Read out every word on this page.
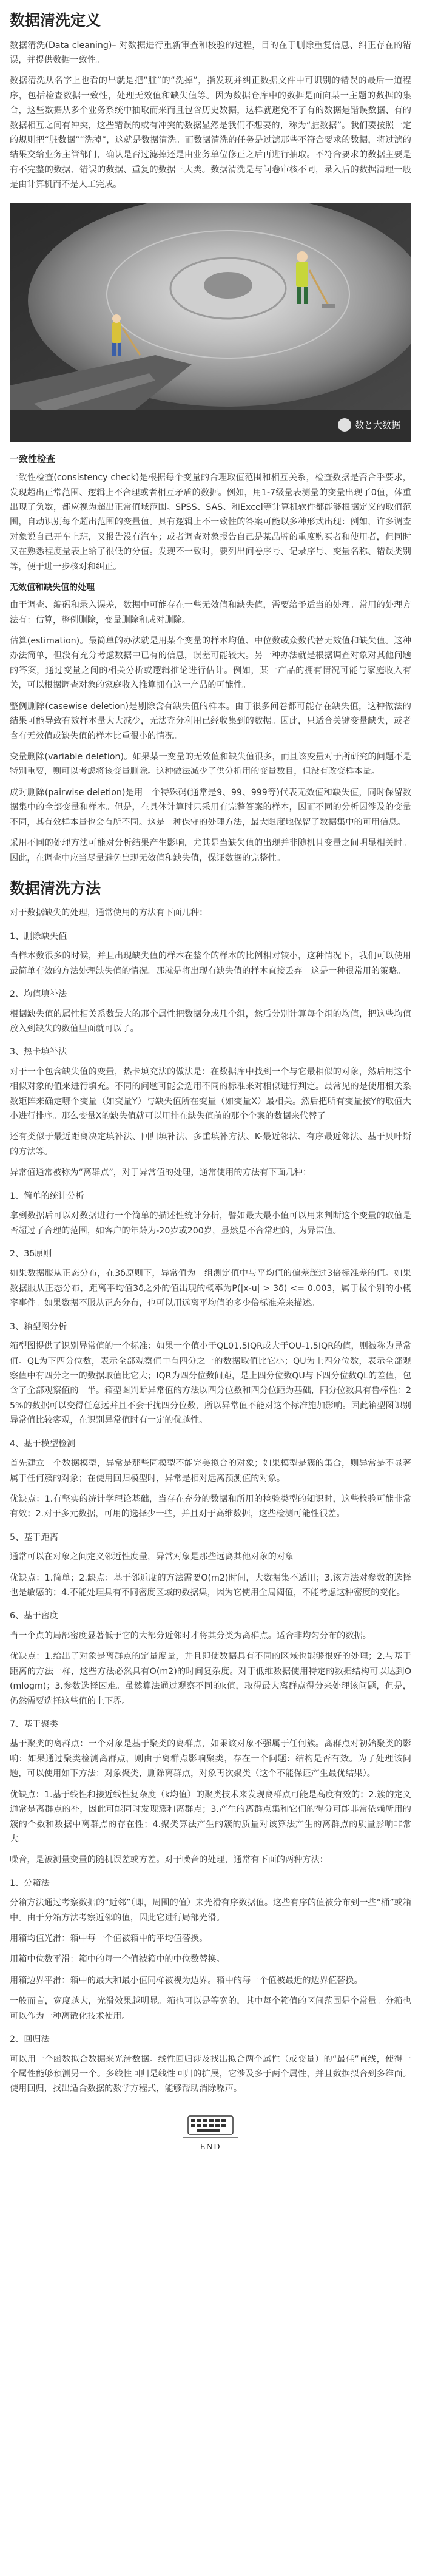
数据清洗定义

数据清洗(Data cleaning)– 对数据进行重新审查和校验的过程，目的在于删除重复信息、纠正存在的错误，并提供数据一致性。

数据清洗从名字上也看的出就是把“脏”的“洗掉”，指发现并纠正数据文件中可识别的错误的最后一道程序，包括检查数据一致性，处理无效值和缺失值等。因为数据仓库中的数据是面向某一主题的数据的集合，这些数据从多个业务系统中抽取而来而且包含历史数据，这样就避免不了有的数据是错误数据、有的数据相互之间有冲突，这些错误的或有冲突的数据显然是我们不想要的，称为“脏数据”。我们要按照一定的规则把“脏数据”“洗掉”，这就是数据清洗。而数据清洗的任务是过滤那些不符合要求的数据，将过滤的结果交给业务主管部门，确认是否过滤掉还是由业务单位修正之后再进行抽取。不符合要求的数据主要是有不完整的数据、错误的数据、重复的数据三大类。数据清洗是与问卷审核不同，录入后的数据清理一般是由计算机而不是人工完成。

数と大数据
一致性检查

一致性检查(consistency check)是根据每个变量的合理取值范围和相互关系，检查数据是否合乎要求，发现超出正常范围、逻辑上不合理或者相互矛盾的数据。例如，用1-7级量表测量的变量出现了0值，体重出现了负数，都应视为超出正常值域范围。SPSS、SAS、和Excel等计算机软件都能够根据定义的取值范围，自动识别每个超出范围的变量值。具有逻辑上不一致性的答案可能以多种形式出现：例如，许多调查对象说自己开车上班，又报告没有汽车；或者调查对象报告自己是某品牌的重度购买者和使用者，但同时又在熟悉程度量表上给了很低的分值。发现不一致时，要列出问卷序号、记录序号、变量名称、错误类别等，便于进一步核对和纠正。

无效值和缺失值的处理

由于调查、编码和录入误差，数据中可能存在一些无效值和缺失值，需要给予适当的处理。常用的处理方法有：估算，整例删除，变量删除和成对删除。

估算(estimation)。最简单的办法就是用某个变量的样本均值、中位数或众数代替无效值和缺失值。这种办法简单，但没有充分考虑数据中已有的信息，误差可能较大。另一种办法就是根据调查对象对其他问题的答案，通过变量之间的相关分析或逻辑推论进行估计。例如，某一产品的拥有情况可能与家庭收入有关，可以根据调查对象的家庭收入推算拥有这一产品的可能性。

整例删除(casewise deletion)是剔除含有缺失值的样本。由于很多问卷都可能存在缺失值，这种做法的结果可能导致有效样本量大大减少，无法充分利用已经收集到的数据。因此，只适合关键变量缺失，或者含有无效值或缺失值的样本比重很小的情况。

变量删除(variable deletion)。如果某一变量的无效值和缺失值很多，而且该变量对于所研究的问题不是特别重要，则可以考虑将该变量删除。这种做法减少了供分析用的变量数目，但没有改变样本量。

成对删除(pairwise deletion)是用一个特殊码(通常是9、99、999等)代表无效值和缺失值，同时保留数据集中的全部变量和样本。但是，在具体计算时只采用有完整答案的样本，因而不同的分析因涉及的变量不同，其有效样本量也会有所不同。这是一种保守的处理方法，最大限度地保留了数据集中的可用信息。

采用不同的处理方法可能对分析结果产生影响，尤其是当缺失值的出现并非随机且变量之间明显相关时。因此，在调查中应当尽量避免出现无效值和缺失值，保证数据的完整性。

数据清洗方法

对于数据缺失的处理，通常使用的方法有下面几种：

1、删除缺失值

当样本数很多的时候，并且出现缺失值的样本在整个的样本的比例相对较小，这种情况下，我们可以使用最简单有效的方法处理缺失值的情况。那就是将出现有缺失值的样本直接丢弃。这是一种很常用的策略。

2、均值填补法

根据缺失值的属性相关系数最大的那个属性把数据分成几个组，然后分别计算每个组的均值，把这些均值放入到缺失的数值里面就可以了。

3、热卡填补法

对于一个包含缺失值的变量，热卡填充法的做法是：在数据库中找到一个与它最相似的对象，然后用这个相似对象的值来进行填充。不同的问题可能会选用不同的标准来对相似进行判定。最常见的是使用相关系数矩阵来确定哪个变量（如变量Y）与缺失值所在变量（如变量X）最相关。然后把所有变量按Y的取值大小进行排序。那么变量X的缺失值就可以用排在缺失值前的那个个案的数据来代替了。

还有类似于最近距离决定填补法、回归填补法、多重填补方法、K-最近邻法、有序最近邻法、基于贝叶斯的方法等。

异常值通常被称为“离群点”，对于异常值的处理，通常使用的方法有下面几种：

1、简单的统计分析

拿到数据后可以对数据进行一个简单的描述性统计分析，譬如最大最小值可以用来判断这个变量的取值是否超过了合理的范围，如客户的年龄为-20岁或200岁，显然是不合常理的，为异常值。

2、3δ原则

如果数据服从正态分布，在3δ原则下，异常值为一组测定值中与平均值的偏差超过3倍标准差的值。如果数据服从正态分布，距离平均值3δ之外的值出现的概率为P(|x-u| > 3δ) <= 0.003，属于极个别的小概率事件。如果数据不服从正态分布，也可以用远离平均值的多少倍标准差来描述。

3、箱型图分析

箱型图提供了识别异常值的一个标准：如果一个值小于QL01.5IQR或大于OU-1.5IQR的值，则被称为异常值。QL为下四分位数，表示全部观察值中有四分之一的数据取值比它小；QU为上四分位数，表示全部观察值中有四分之一的数据取值比它大；IQR为四分位数间距，是上四分位数QU与下四分位数QL的差值，包含了全部观察值的一半。箱型图判断异常值的方法以四分位数和四分位距为基础，四分位数具有鲁棒性：25%的数据可以变得任意远并且不会干扰四分位数，所以异常值不能对这个标准施加影响。因此箱型图识别异常值比较客观，在识别异常值时有一定的优越性。

4、基于模型检测

首先建立一个数据模型，异常是那些同模型不能完美拟合的对象；如果模型是簇的集合，则异常是不显著属于任何簇的对象；在使用回归模型时，异常是相对远离预测值的对象。

优缺点：1.有坚实的统计学理论基础，当存在充分的数据和所用的检验类型的知识时，这些检验可能非常有效；2.对于多元数据，可用的选择少一些，并且对于高维数据，这些检测可能性很差。

5、基于距离

通常可以在对象之间定义邻近性度量，异常对象是那些远离其他对象的对象

优缺点：1.简单；2.缺点：基于邻近度的方法需要O(m2)时间，大数据集不适用；3.该方法对参数的选择也是敏感的；4.不能处理具有不同密度区域的数据集，因为它使用全局阈值，不能考虑这种密度的变化。

6、基于密度

当一个点的局部密度显著低于它的大部分近邻时才将其分类为离群点。适合非均匀分布的数据。

优缺点：1.给出了对象是离群点的定量度量，并且即使数据具有不同的区域也能够很好的处理；2.与基于距离的方法一样，这些方法必然具有O(m2)的时间复杂度。对于低维数据使用特定的数据结构可以达到O(mlogm)；3.参数选择困难。虽然算法通过观察不同的k值，取得最大离群点得分来处理该问题，但是，仍然需要选择这些值的上下界。

7、基于聚类

基于聚类的离群点：一个对象是基于聚类的离群点，如果该对象不强属于任何簇。离群点对初始聚类的影响：如果通过聚类检测离群点，则由于离群点影响聚类，存在一个问题：结构是否有效。为了处理该问题，可以使用如下方法：对象聚类，删除离群点，对象再次聚类（这个不能保证产生最优结果）。

优缺点：1.基于线性和接近线性复杂度（k均值）的聚类技术来发现离群点可能是高度有效的；2.簇的定义通常是离群点的补，因此可能同时发现簇和离群点；3.产生的离群点集和它们的得分可能非常依赖所用的簇的个数和数据中离群点的存在性；4.聚类算法产生的簇的质量对该算法产生的离群点的质量影响非常大。

噪音，是被测量变量的随机误差或方差。对于噪音的处理，通常有下面的两种方法：

1、分箱法

分箱方法通过考察数据的“近邻”（即，周围的值）来光滑有序数据值。这些有序的值被分布到一些“桶”或箱中。由于分箱方法考察近邻的值，因此它进行局部光滑。

用箱均值光滑：箱中每一个值被箱中的平均值替换。

用箱中位数平滑：箱中的每一个值被箱中的中位数替换。

用箱边界平滑：箱中的最大和最小值同样被视为边界。箱中的每一个值被最近的边界值替换。

一般而言，宽度越大，光滑效果越明显。箱也可以是等宽的，其中每个箱值的区间范围是个常量。分箱也可以作为一种离散化技术使用。

2、回归法

可以用一个函数拟合数据来光滑数据。线性回归涉及找出拟合两个属性（或变量）的“最佳”直线，使得一个属性能够预测另一个。多线性回归是线性回归的扩展，它涉及多于两个属性，并且数据拟合到多维面。使用回归，找出适合数据的数学方程式，能够帮助消除噪声。

END
